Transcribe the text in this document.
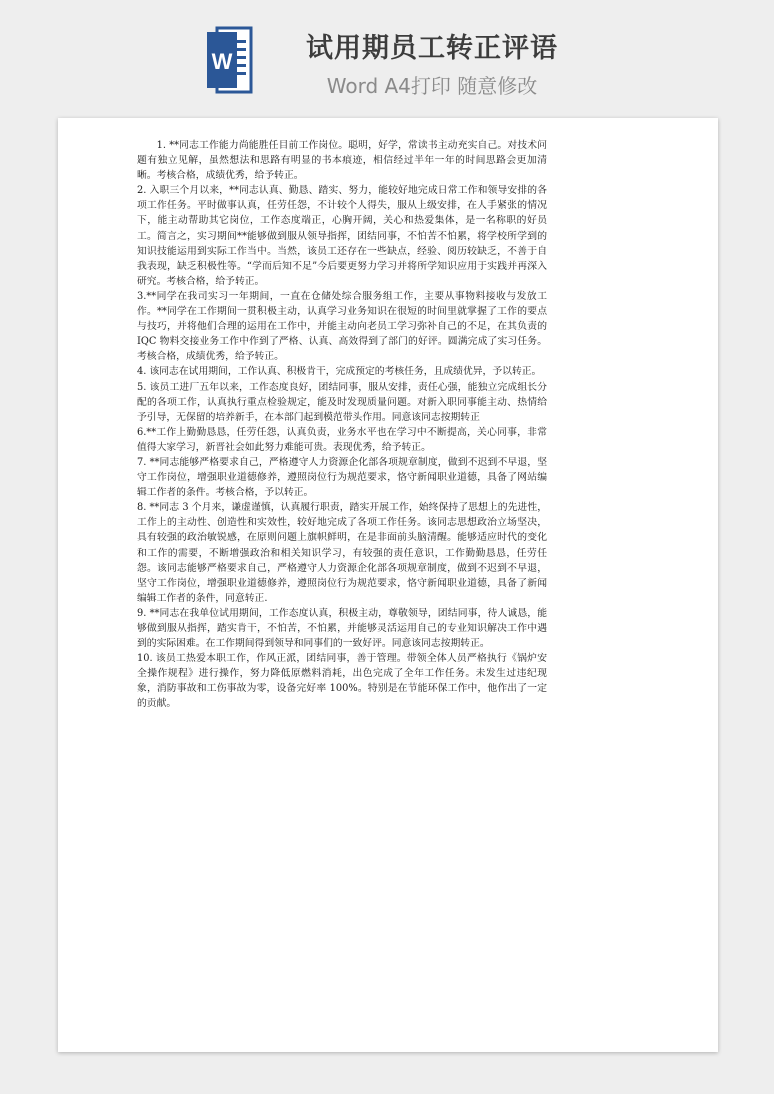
W	试用期员工转正评语
Word A4打印 随意修改

1. **同志工作能力尚能胜任目前工作岗位。聪明，好学，常读书主动充实自己。对技术问题有独立见解，虽然想法和思路有明显的书本痕迹，相信经过半年一年的时间思路会更加清晰。考核合格，成绩优秀，给予转正。

2. 入职三个月以来，**同志认真、勤恳、踏实、努力，能较好地完成日常工作和领导安排的各项工作任务。平时做事认真，任劳任怨，不计较个人得失，服从上级安排，在人手紧张的情况下，能主动帮助其它岗位，工作态度端正，心胸开阔，关心和热爱集体，是一名称职的好员工。简言之，实习期间**能够做到服从领导指挥，团结同事，不怕苦不怕累，将学校所学到的知识技能运用到实际工作当中。当然，该员工还存在一些缺点，经验、阅历较缺乏，不善于自我表现，缺乏积极性等。“学而后知不足”今后要更努力学习并将所学知识应用于实践并再深入研究。考核合格，给予转正。

3.**同学在我司实习一年期间，一直在仓储处综合服务组工作，主要从事物料接收与发放工作。**同学在工作期间一贯积极主动，认真学习业务知识在很短的时间里就掌握了工作的要点与技巧，并将他们合理的运用在工作中，并能主动向老员工学习弥补自己的不足，在其负责的 IQC 物料交接业务工作中作到了严格、认真、高效得到了部门的好评。圆满完成了实习任务。考核合格，成绩优秀，给予转正。

4. 该同志在试用期间，工作认真、积极肯干，完成预定的考核任务，且成绩优异，予以转正。

5. 该员工进厂五年以来，工作态度良好，团结同事，服从安排，责任心强，能独立完成组长分配的各项工作，认真执行重点检验规定，能及时发现质量问题。对新入职同事能主动、热情给予引导，无保留的培养新手，在本部门起到模范带头作用。同意该同志按期转正

6.**工作上勤勤恳恳，任劳任怨，认真负责，业务水平也在学习中不断提高，关心同事，非常值得大家学习，新晋社会如此努力难能可贵。表现优秀，给予转正。

7. **同志能够严格要求自己，严格遵守人力资源企化部各项规章制度，做到不迟到不早退，坚守工作岗位，增强职业道德修养，遵照岗位行为规范要求，恪守新闻职业道德，具备了网站编辑工作者的条件。考核合格，予以转正。

8. **同志 3 个月来，谦虚谨慎，认真履行职责，踏实开展工作，始终保持了思想上的先进性，工作上的主动性、创造性和实效性，较好地完成了各项工作任务。该同志思想政治立场坚决，具有较强的政治敏锐感，在原则问题上旗帜鲜明，在是非面前头脑清醒。能够适应时代的变化和工作的需要，不断增强政治和相关知识学习，有较强的责任意识，工作勤勤恳恳，任劳任怨。该同志能够严格要求自己，严格遵守人力资源企化部各项规章制度，做到不迟到不早退，坚守工作岗位，增强职业道德修养，遵照岗位行为规范要求，恪守新闻职业道德，具备了新闻编辑工作者的条件，同意转正.

9. **同志在我单位试用期间，工作态度认真，积极主动，尊敬领导，团结同事，待人诚恳，能够做到服从指挥，踏实肯干，不怕苦，不怕累，并能够灵活运用自己的专业知识解决工作中遇到的实际困难。在工作期间得到领导和同事们的一致好评。同意该同志按期转正。

10. 该员工热爱本职工作，作风正派，团结同事，善于管理。带领全体人员严格执行《锅炉安全操作规程》进行操作，努力降低原燃料消耗，出色完成了全年工作任务。未发生过违纪现象，消防事故和工伤事故为零，设备完好率 100%。特别是在节能环保工作中，他作出了一定的贡献。
